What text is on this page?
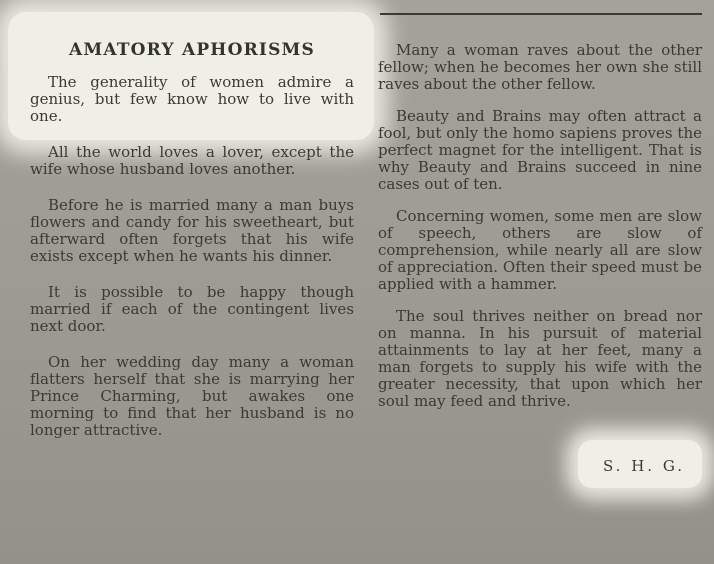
AMATORY APHORISMS

The generality of women admire a genius, but few know how to live with one.

All the world loves a lover, except the wife whose husband loves another.

Before he is married many a man buys flowers and candy for his sweetheart, but afterward often forgets that his wife exists except when he wants his dinner.

It is possible to be happy though married if each of the contingent lives next door.

On her wedding day many a woman flatters herself that she is marrying her Prince Charming, but awakes one morning to find that her husband is no longer attractive.

Many a woman raves about the other fellow; when he becomes her own she still raves about the other fellow.

Beauty and Brains may often attract a fool, but only the homo sapiens proves the perfect magnet for the intelligent. That is why Beauty and Brains succeed in nine cases out of ten.

Concerning women, some men are slow of speech, others are slow of comprehension, while nearly all are slow of appreciation. Often their speed must be applied with a hammer.

The soul thrives neither on bread nor on manna. In his pursuit of material attainments to lay at her feet, many a man forgets to supply his wife with the greater necessity, that upon which her soul may feed and thrive.

S. H. G.
